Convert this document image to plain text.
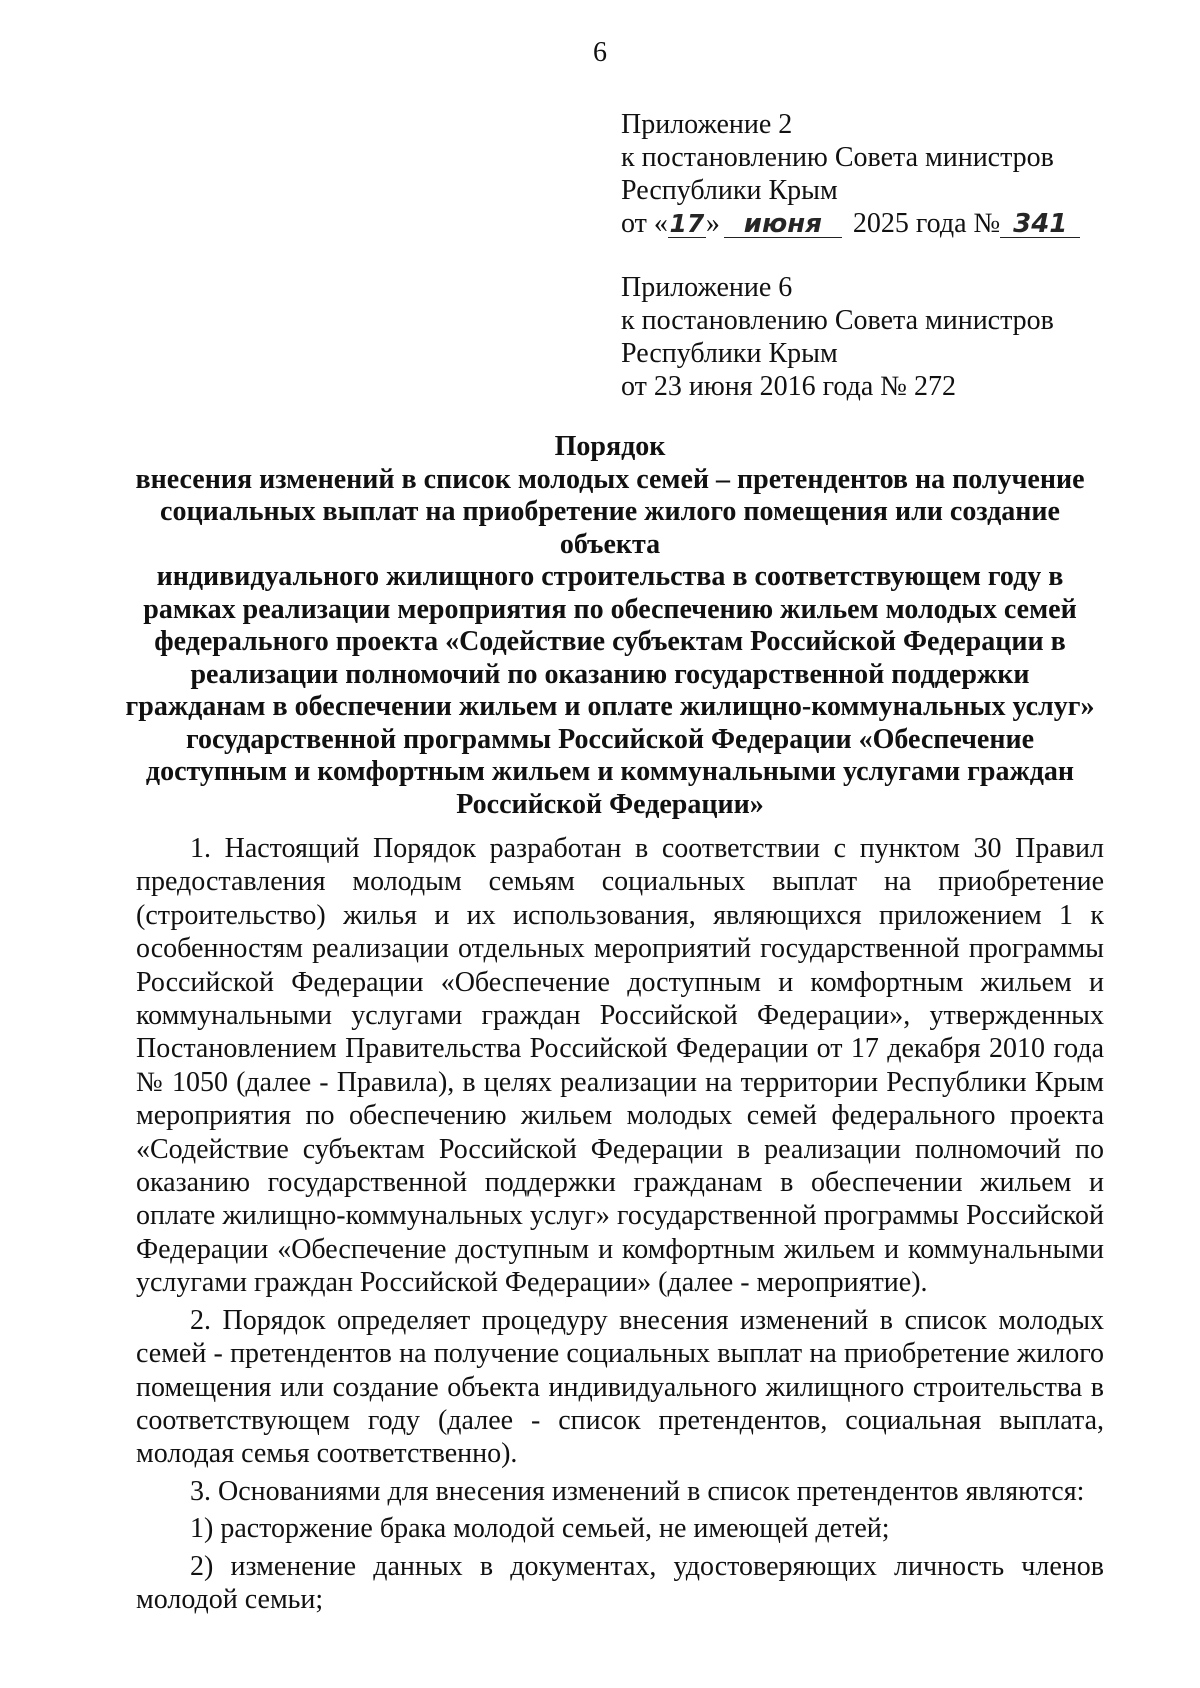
6
Приложение 2
к постановлению Совета министров
Республики Крым
от «17» июня 2025 года № 341
Приложение 6
к постановлению Совета министров
Республики Крым
от 23 июня 2016 года № 272
Порядок
внесения изменений в список молодых семей – претендентов на получение
социальных выплат на приобретение жилого помещения или создание объекта
индивидуального жилищного строительства в соответствующем году в
рамках реализации мероприятия по обеспечению жильем молодых семей
федерального проекта «Содействие субъектам Российской Федерации в
реализации полномочий по оказанию государственной поддержки
гражданам в обеспечении жильем и оплате жилищно-коммунальных услуг»
государственной программы Российской Федерации «Обеспечение
доступным и комфортным жильем и коммунальными услугами граждан
Российской Федерации»

1. Настоящий Порядок разработан в соответствии с пунктом 30 Правил предоставления молодым семьям социальных выплат на приобретение (строительство) жилья и их использования, являющихся приложением 1 к особенностям реализации отдельных мероприятий государственной программы Российской Федерации «Обеспечение доступным и комфортным жильем и коммунальными услугами граждан Российской Федерации», утвержденных Постановлением Правительства Российской Федерации от 17 декабря 2010 года № 1050 (далее - Правила), в целях реализации на территории Республики Крым мероприятия по обеспечению жильем молодых семей федерального проекта «Содействие субъектам Российской Федерации в реализации полномочий по оказанию государственной поддержки гражданам в обеспечении жильем и оплате жилищно-коммунальных услуг» государственной программы Российской Федерации «Обеспечение доступным и комфортным жильем и коммунальными услугами граждан Российской Федерации» (далее - мероприятие).

2. Порядок определяет процедуру внесения изменений в список молодых семей - претендентов на получение социальных выплат на приобретение жилого помещения или создание объекта индивидуального жилищного строительства в соответствующем году (далее - список претендентов, социальная выплата, молодая семья соответственно).

3. Основаниями для внесения изменений в список претендентов являются:

1) расторжение брака молодой семьей, не имеющей детей;

2) изменение данных в документах, удостоверяющих личность членов молодой семьи;
